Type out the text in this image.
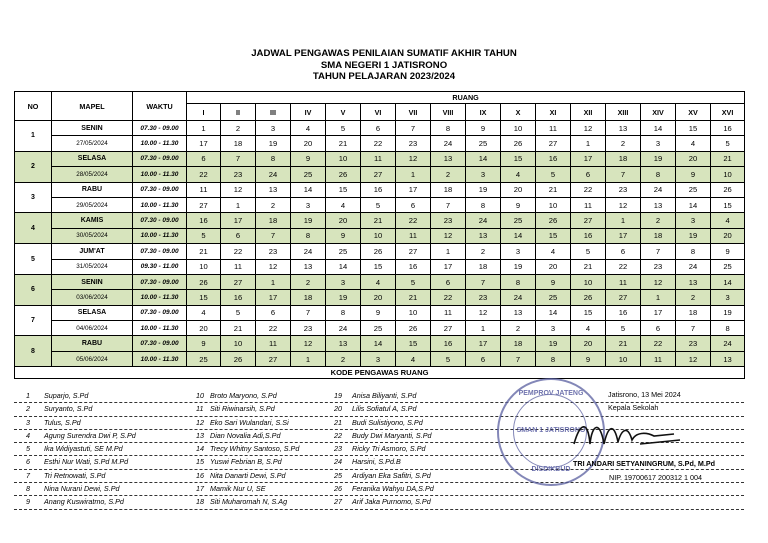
JADWAL PENGAWAS PENILAIAN SUMATIF AKHIR TAHUN
SMA NEGERI 1 JATISRONO
TAHUN PELAJARAN 2023/2024
NO	MAPEL	WAKTU	RUANG															
			I	II	III	IV	V	VI	VII	VIII	IX	X	XI	XII	XIII	XIV	XV	XVI
1	SENIN	07.30 - 09.00	1	2	3	4	5	6	7	8	9	10	11	12	13	14	15	16
	27/05/2024	10.00 - 11.30	17	18	19	20	21	22	23	24	25	26	27	1	2	3	4	5
2	SELASA	07.30 - 09.00	6	7	8	9	10	11	12	13	14	15	16	17	18	19	20	21
	28/05/2024	10.00 - 11.30	22	23	24	25	26	27	1	2	3	4	5	6	7	8	9	10
3	RABU	07.30 - 09.00	11	12	13	14	15	16	17	18	19	20	21	22	23	24	25	26
	29/05/2024	10.00 - 11.30	27	1	2	3	4	5	6	7	8	9	10	11	12	13	14	15
4	KAMIS	07.30 - 09.00	16	17	18	19	20	21	22	23	24	25	26	27	1	2	3	4
	30/05/2024	10.00 - 11.30	5	6	7	8	9	10	11	12	13	14	15	16	17	18	19	20
5	JUM'AT	07.30 - 09.00	21	22	23	24	25	26	27	1	2	3	4	5	6	7	8	9
	31/05/2024	09.30 - 11.00	10	11	12	13	14	15	16	17	18	19	20	21	22	23	24	25
6	SENIN	07.30 - 09.00	26	27	1	2	3	4	5	6	7	8	9	10	11	12	13	14
	03/06/2024	10.00 - 11.30	15	16	17	18	19	20	21	22	23	24	25	26	27	1	2	3
7	SELASA	07.30 - 09.00	4	5	6	7	8	9	10	11	12	13	14	15	16	17	18	19
	04/06/2024	10.00 - 11.30	20	21	22	23	24	25	26	27	1	2	3	4	5	6	7	8
8	RABU	07.30 - 09.00	9	10	11	12	13	14	15	16	17	18	19	20	21	22	23	24
	05/06/2024	10.00 - 11.30	25	26	27	1	2	3	4	5	6	7	8	9	10	11	12	13
KODE PENGAWAS RUANG																		
1 Suparjo, S.Pd	10 Broto Maryono, S.Pd	19 Anisa Biliyanti, S.Pd
2 Suryanto, S.Pd	11 Siti Riwinarsih, S.Pd	20 Lilis Sofiatul A, S.Pd
3 Tulus, S.Pd	12 Eko Sari Wulandari, S.Si	21 Budi Sulistiyono, S.Pd
4 Agung Surendra Dwi P, S.Pd	13 Dian Novalia Adi,S.Pd	22 Budy Dwi Maryanti, S.Pd
5 Ika Widiyastuti, SE M.Pd	14 Trecy Whitny Santoso, S.Pd	23 Ricky Tri Asmoro, S.Pd
6 Esthi Nur Wati, S.Pd M.Pd	15 Yuswi Febrian B, S.Pd	24 Harsini, S.Pd.B
7 Tri Retnowati, S.Pd	16 Nita Danarti Dewi, S.Pd	25 Ardiyan Eka Safitri, S.Pd
8 Nina Nurani Dewi, S.Pd	17 Mamik Nur U, SE	26 Feranika Wahyu DA,S.Pd
9 Anang Kuswiratmo, S.Pd	18 Siti Muharomah N, S.Ag	27 Arif Jaka Purnomo, S.Pd
PEMPROV JATENG
SMAN 1 JATISRONO
DISDIKBUD
Jatisrono, 13 Mei 2024
Kepala Sekolah
TRI ANDARI SETYANINGRUM, S.Pd, M.Pd
NIP. 19700617 200312 1 004
